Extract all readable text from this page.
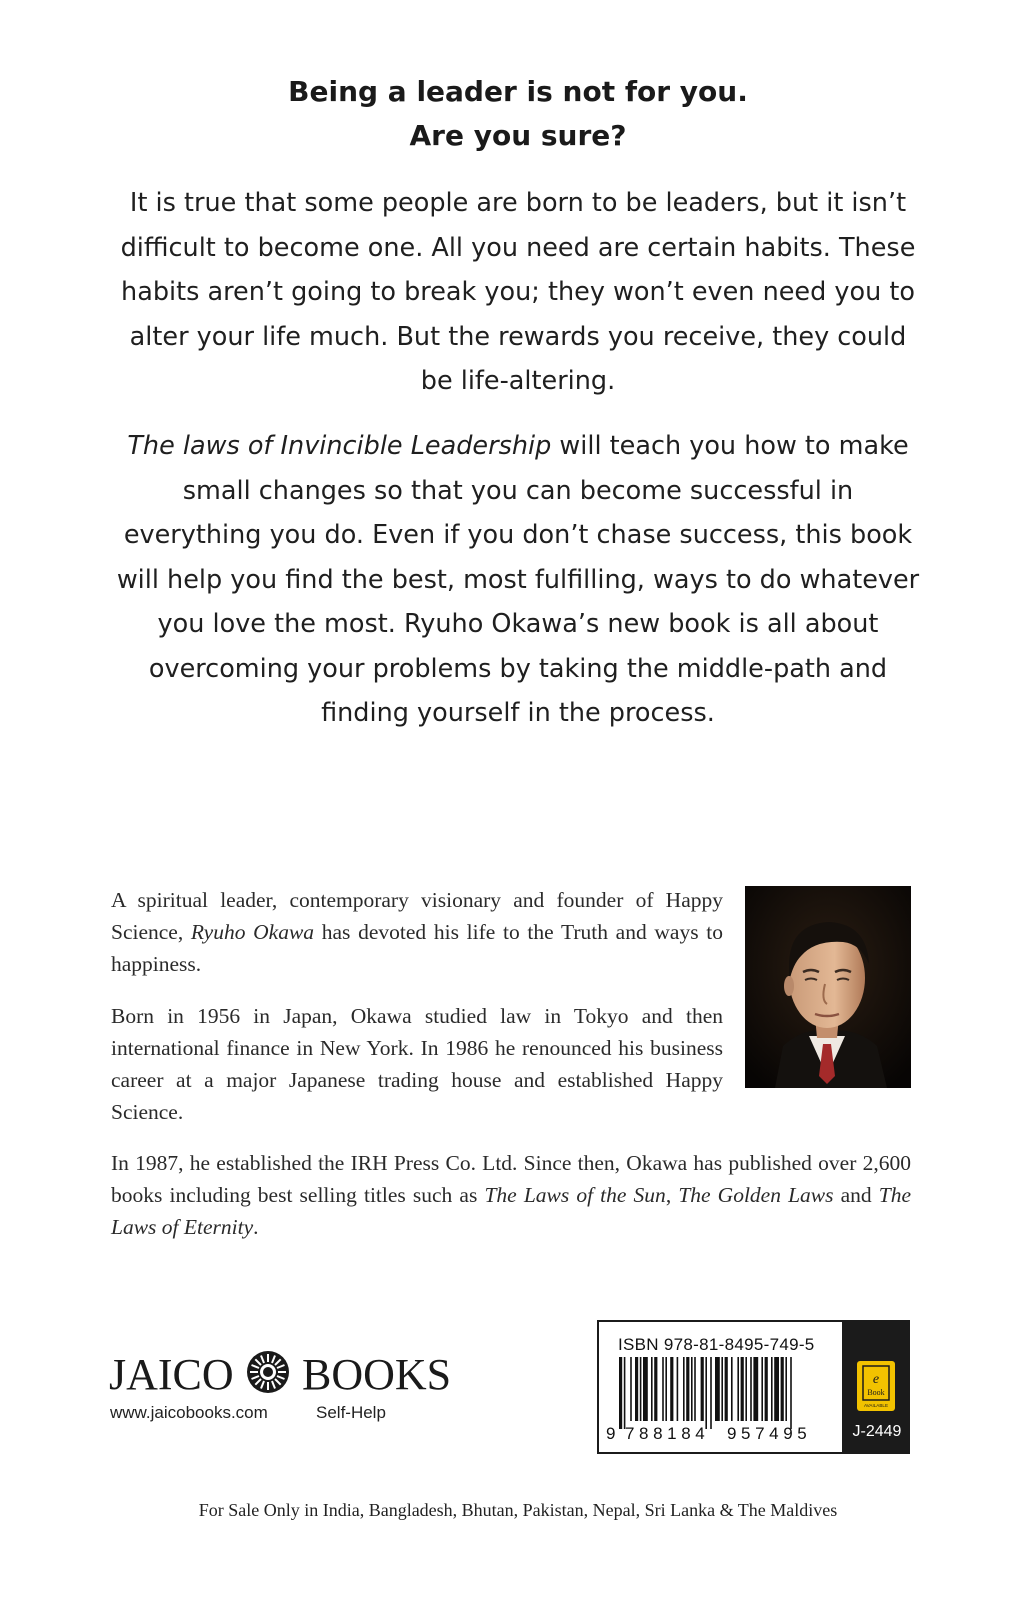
Being a leader is not for you.
Are you sure?

It is true that some people are born to be leaders, but it isn’t difficult to become one. All you need are certain habits. These habits aren’t going to break you; they won’t even need you to alter your life much. But the rewards you receive, they could be life-altering.

The laws of Invincible Leadership will teach you how to make small changes so that you can become successful in everything you do. Even if you don’t chase success, this book will help you find the best, most fulfilling, ways to do whatever you love the most. Ryuho Okawa’s new book is all about overcoming your problems by taking the middle-path and finding yourself in the process.

A spiritual leader, contemporary visionary and founder of Happy Science, Ryuho Okawa has devoted his life to the Truth and ways to happiness.

Born in 1956 in Japan, Okawa studied law in Tokyo and then international finance in New York. In 1986 he renounced his business career at a major Japanese trading house and established Happy Science.

In 1987, he established the IRH Press Co. Ltd. Since then, Okawa has published over 2,600 books including best selling titles such as The Laws of the Sun, The Golden Laws and The Laws of Eternity.

JAICO BOOKS
www.jaicobooks.com	Self-Help
ISBN 978-81-8495-749-5
9 788184 957495
e
Book
AVAILABLE
J-2449
For Sale Only in India, Bangladesh, Bhutan, Pakistan, Nepal, Sri Lanka & The Maldives
